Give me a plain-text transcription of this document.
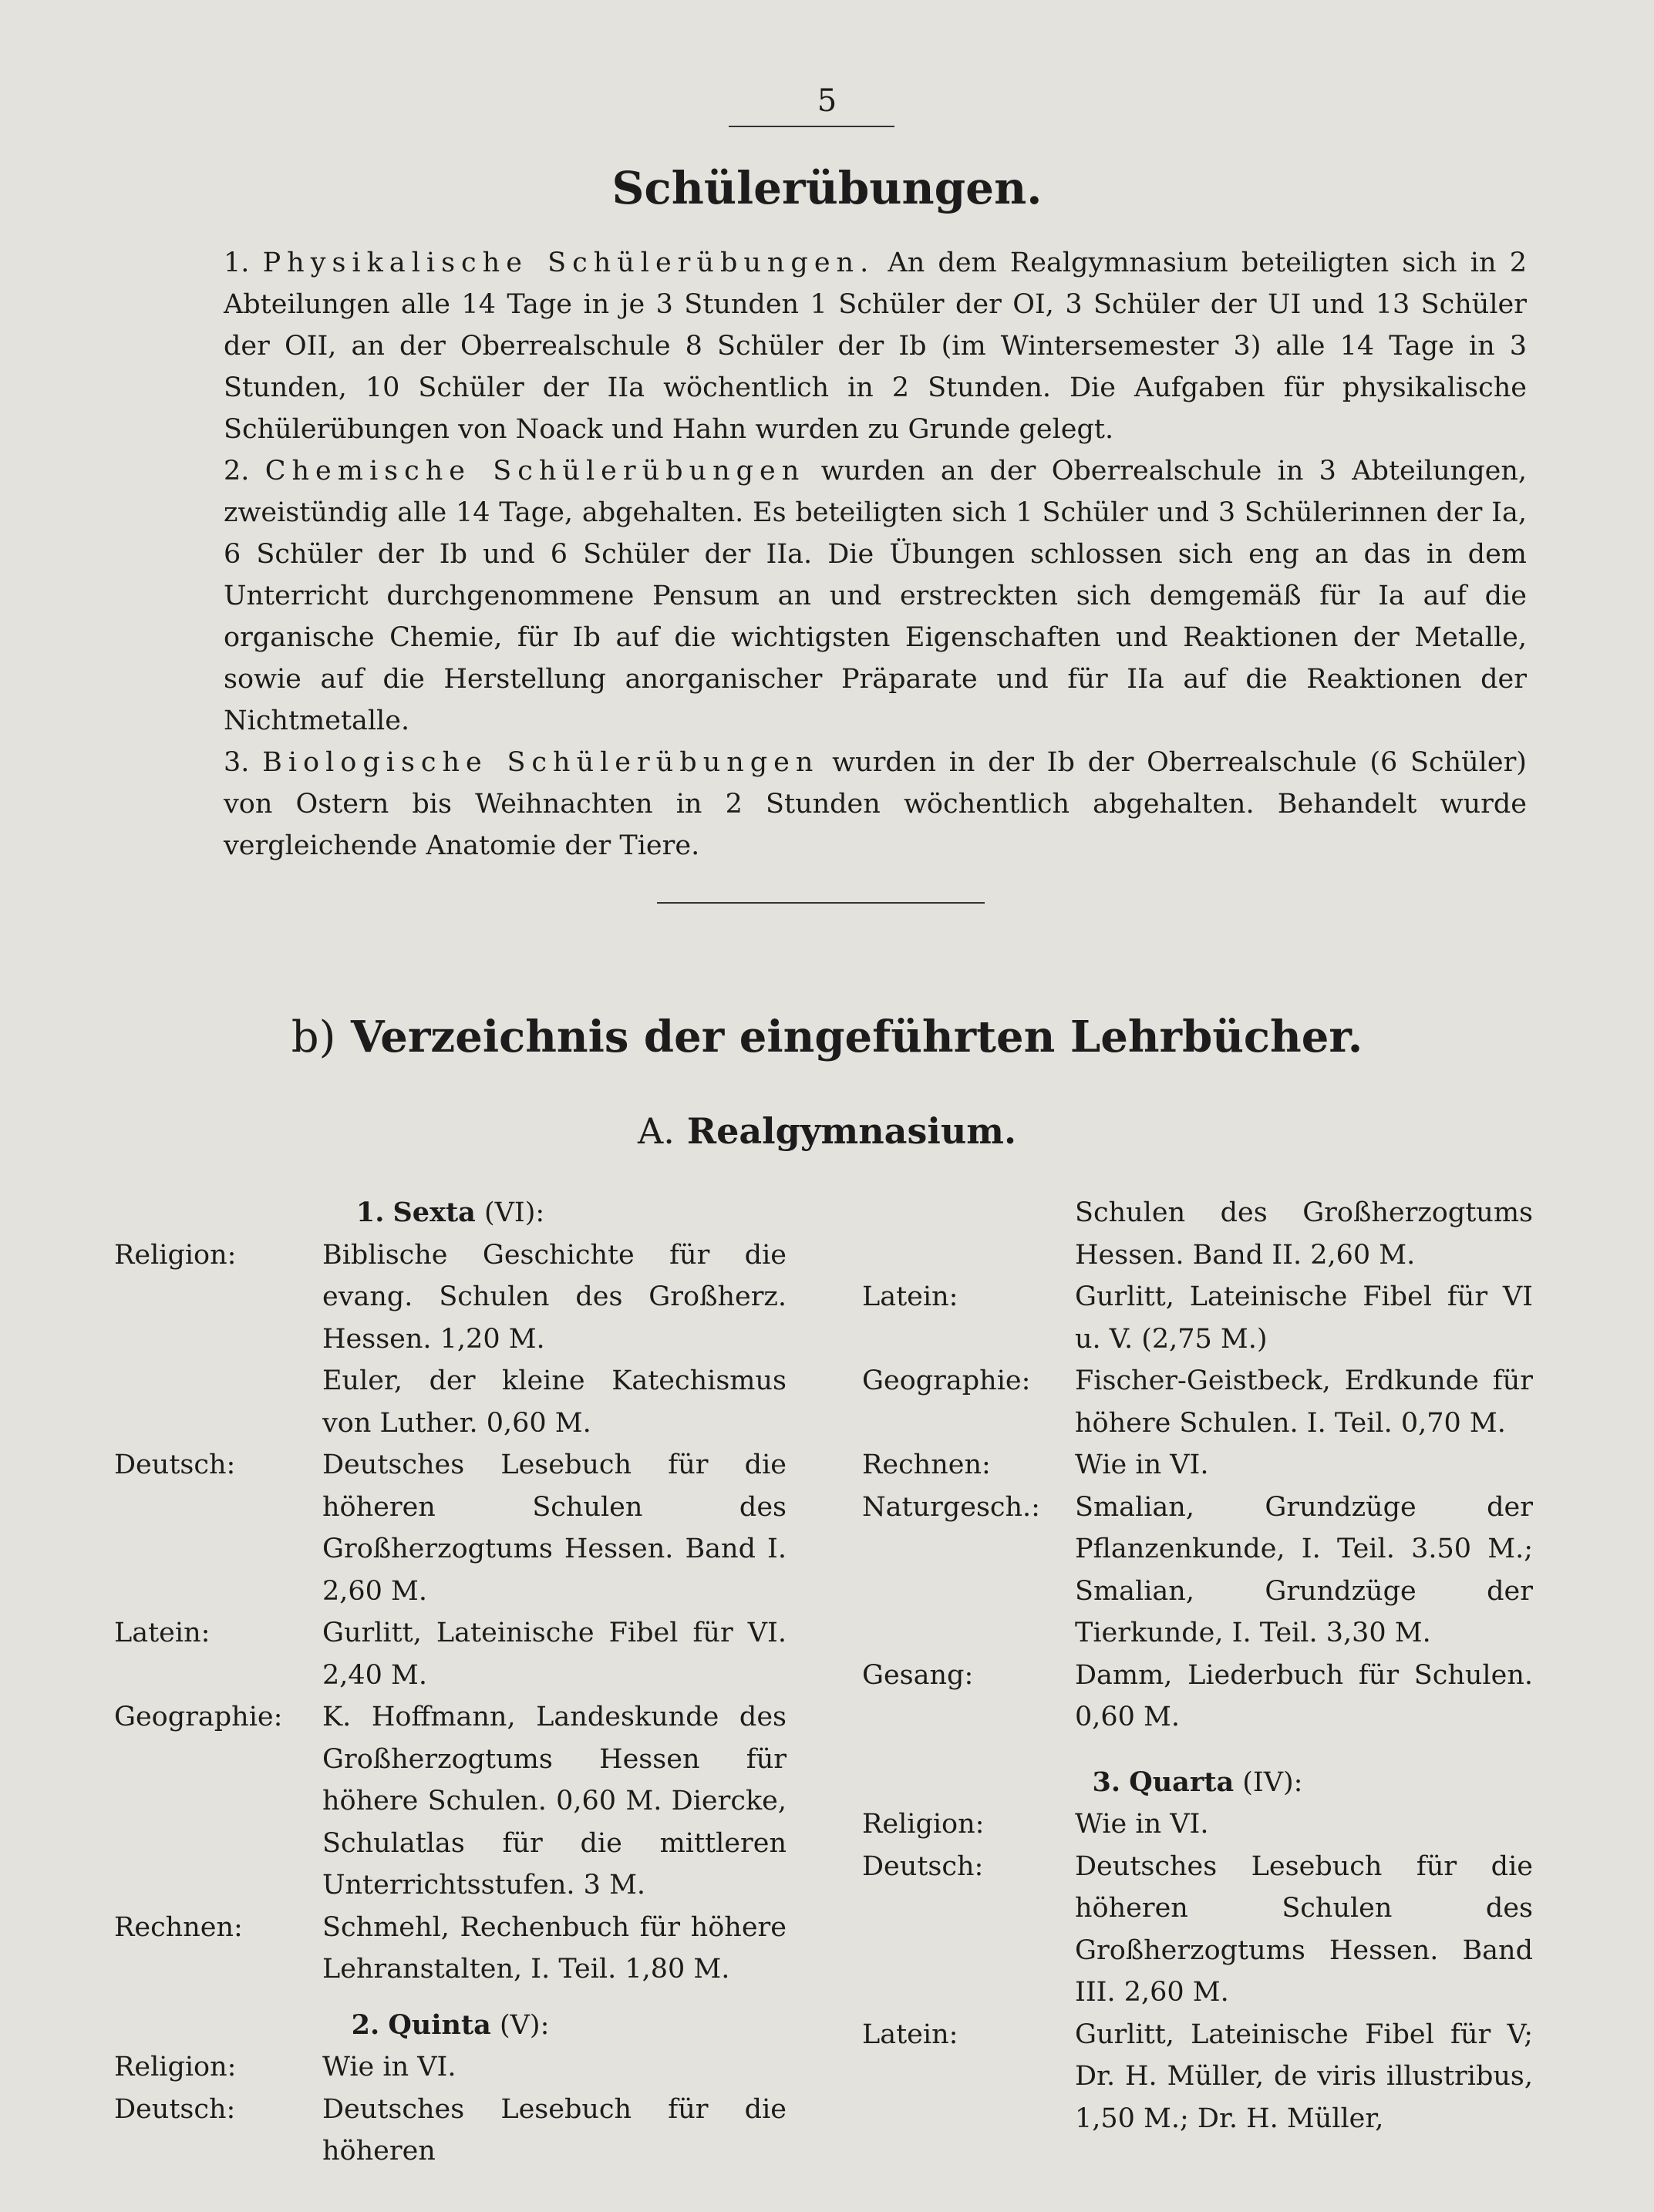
5
Schülerübungen.
1. Physikalische Schülerübungen. An dem Realgymnasium beteiligten sich in 2 Abteilungen alle 14 Tage in je 3 Stunden 1 Schüler der OI, 3 Schüler der UI und 13 Schüler der OII, an der Oberrealschule 8 Schüler der Ib (im Wintersemester 3) alle 14 Tage in 3 Stunden, 10 Schüler der IIa wöchentlich in 2 Stunden. Die Aufgaben für physikalische Schülerübungen von Noack und Hahn wurden zu Grunde gelegt.
2. Chemische Schülerübungen wurden an der Oberrealschule in 3 Abteilungen, zweistündig alle 14 Tage, abgehalten. Es beteiligten sich 1 Schüler und 3 Schülerinnen der Ia, 6 Schüler der Ib und 6 Schüler der IIa. Die Übungen schlossen sich eng an das in dem Unterricht durchgenommene Pensum an und erstreckten sich demgemäß für Ia auf die organische Chemie, für Ib auf die wichtigsten Eigenschaften und Reaktionen der Metalle, sowie auf die Herstellung anorganischer Präparate und für IIa auf die Reaktionen der Nichtmetalle.
3. Biologische Schülerübungen wurden in der Ib der Oberrealschule (6 Schüler) von Ostern bis Weihnachten in 2 Stunden wöchentlich abgehalten. Behandelt wurde vergleichende Anatomie der Tiere.
b) Verzeichnis der eingeführten Lehrbücher.
A. Realgymnasium.
1. Sexta (VI):
Religion:	Biblische Geschichte für die evang. Schulen des Großherz. Hessen. 1,20 M.
Euler, der kleine Katechismus von Luther. 0,60 M.
Deutsch:	Deutsches Lesebuch für die höheren Schulen des Großherzogtums Hessen. Band I. 2,60 M.
Latein:	Gurlitt, Lateinische Fibel für VI. 2,40 M.
Geographie:	K. Hoffmann, Landeskunde des Großherzogtums Hessen für höhere Schulen. 0,60 M. Diercke, Schulatlas für die mittleren Unterrichtsstufen. 3 M.
Rechnen:	Schmehl, Rechenbuch für höhere Lehranstalten, I. Teil. 1,80 M.
2. Quinta (V):
Religion:	Wie in VI.
Deutsch:	Deutsches Lesebuch für die höheren
Schulen des Großherzogtums Hessen. Band II. 2,60 M.
Latein:	Gurlitt, Lateinische Fibel für VI u. V. (2,75 M.)
Geographie:	Fischer-Geistbeck, Erdkunde für höhere Schulen. I. Teil. 0,70 M.
Rechnen:	Wie in VI.
Naturgesch.:	Smalian, Grundzüge der Pflanzenkunde, I. Teil. 3.50 M.; Smalian, Grundzüge der Tierkunde, I. Teil. 3,30 M.
Gesang:	Damm, Liederbuch für Schulen. 0,60 M.
3. Quarta (IV):
Religion:	Wie in VI.
Deutsch:	Deutsches Lesebuch für die höheren Schulen des Großherzogtums Hessen. Band III. 2,60 M.
Latein:	Gurlitt, Lateinische Fibel für V; Dr. H. Müller, de viris illustribus, 1,50 M.; Dr. H. Müller,
